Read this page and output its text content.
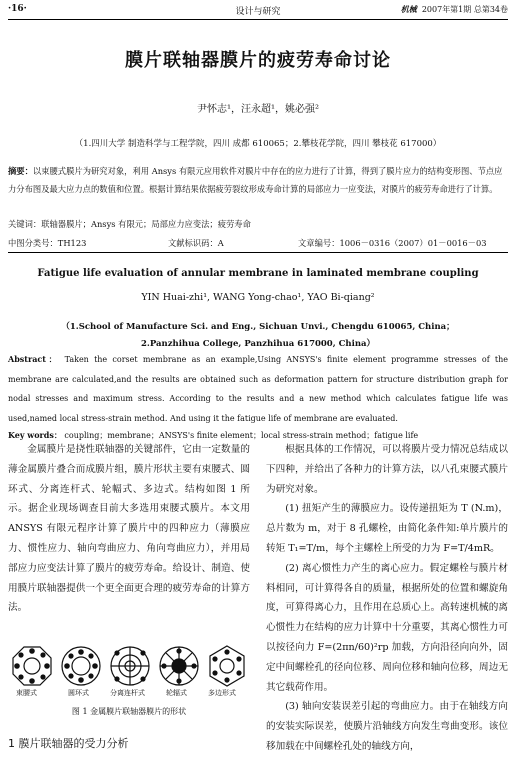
·16·	设计与研究	机械 2007年第1期 总第34卷
膜片联轴器膜片的疲劳寿命讨论
尹怀志¹，汪永超¹，姚必强²
（1.四川大学 制造科学与工程学院，四川 成都 610065；2.攀枝花学院，四川 攀枝花 617000）
摘要：以束腰式膜片为研究对象，利用 Ansys 有限元应用软件对膜片中存在的应力进行了计算，得到了膜片应力的结构变形图、节点应力分布图及最大应力点的数值和位置。根据计算结果依据疲劳裂纹形成寿命计算的局部应力一应变法，对膜片的疲劳寿命进行了计算。
关键词：联轴器膜片；Ansys 有限元；局部应力应变法；疲劳寿命
中图分类号：TH123	文献标识码：A	文章编号：1006－0316（2007）01－0016－03
Fatigue life evaluation of annular membrane in laminated membrane coupling
YIN Huai-zhi¹, WANG Yong-chao¹, YAO Bi-qiang²
（1.School of Manufacture Sci. and Eng., Sichuan Unvi., Chengdu 610065, China；
2.Panzhihua College, Panzhihua 617000, China）
Abstract： Taken the corset membrane as an example,Using ANSYS's finite element programme stresses of the membrane are calculated,and the results are obtained such as deformation pattern for structure distribution graph for nodal stresses and maximum stress. According to the results and a new method which calculates fatigue life was used,named local stress-strain method. And using it the fatigue life of membrane are evaluated.
Key words： coupling；membrane；ANSYS's finite element；local stress-strain method；fatigue life

金属膜片是挠性联轴器的关键部件，它由一定数量的薄金属膜片叠合而成膜片组，膜片形状主要有束腰式、圆环式、分离连杆式、轮幅式、多边式。结构如图 1 所示。据企业现场调查目前大多选用束腰式膜片。本文用 ANSYS 有限元程序计算了膜片中的四种应力（薄膜应力、惯性应力、轴向弯曲应力、角向弯曲应力），并用局部应力应变法计算了膜片的疲劳寿命。给设计、制造、使用膜片联轴器提供一个更全面更合理的疲劳寿命的计算方法。

束腰式	圆环式	分离连杆式	轮辐式	多边形式
图 1 金属膜片联轴器膜片的形状
1 膜片联轴器的受力分析

根据具体的工作情况，可以将膜片受力情况总结成以下四种，并给出了各种力的计算方法，以八孔束腰式膜片为研究对象。

(1) 扭矩产生的薄膜应力。设传递扭矩为 T (N.m)，总片数为 m，对于 8 孔螺栓，由简化条件知:单片膜片的转矩 T₁=T/m，每个主螺栓上所受的力为 F=T/4mR。

(2) 离心惯性力产生的离心应力。假定螺栓与膜片材料相同，可计算得各自的质量，根据所处的位置和螺旋角度，可算得离心力，且作用在总质心上。高转速机械的离心惯性力在结构的应力计算中十分重要，其离心惯性力可以按径向力 F=(2πn/60)²rp 加载，方向沿径向向外，固定中间螺栓孔的径向位移、周向位移和轴向位移，周边无其它载荷作用。

(3) 轴向安装误差引起的弯曲应力。由于在轴线方向的安装实际误差，使膜片沿轴线方向发生弯曲变形。该位移加载在中间螺栓孔处的轴线方向，
